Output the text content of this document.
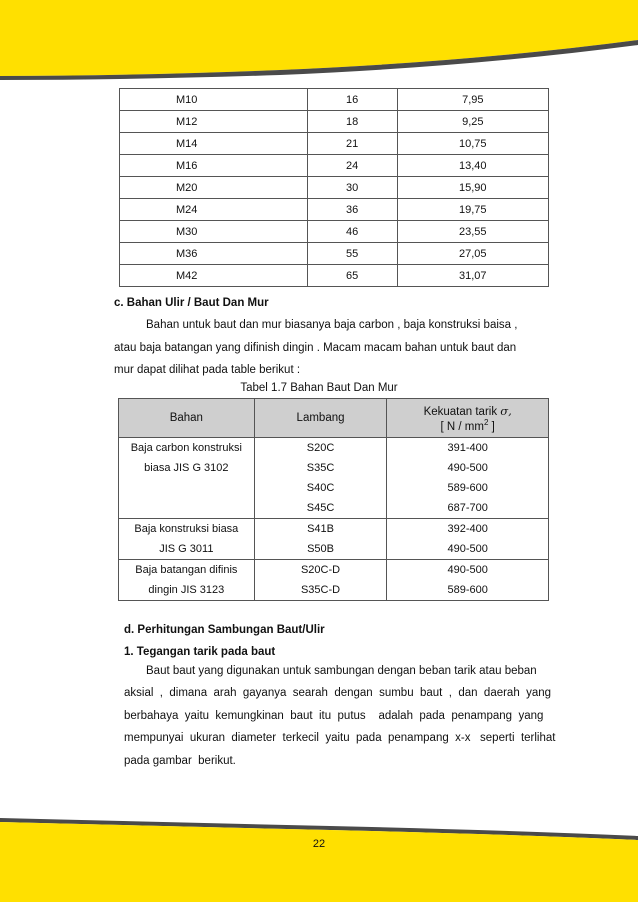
M10	16	7,95
M12	18	9,25
M14	21	10,75
M16	24	13,40
M20	30	15,90
M24	36	19,75
M30	46	23,55
M36	55	27,05
M42	65	31,07
c. Bahan Ulir / Baut Dan Mur
Bahan untuk baut dan mur biasanya baja carbon , baja konstruksi baisa ,
atau baja batangan yang difinish dingin . Macam macam bahan untuk baut dan
mur dapat dilihat pada table berikut :
Tabel 1.7 Bahan Baut Dan Mur
Bahan	Lambang	Kekuatan tarik σ,
[ N / $mm^2$ ]

Baja carbon konstruksi	S20C	391-400
biasa JIS G 3102	S35C	490-500
	S40C	589-600
	S45C	687-700
Baja konstruksi biasa	S41B	392-400
JIS G 3011	S50B	490-500
Baja batangan difinis	S20C-D	490-500
dingin JIS 3123	S35C-D	589-600
d. Perhitungan Sambungan Baut/Ulir
1. Tegangan tarik pada baut
Baut baut yang digunakan untuk sambungan dengan beban tarik atau beban
aksial  ,  dimana  arah  gayanya  searah  dengan  sumbu  baut  ,  dan  daerah  yang
berbahaya  yaitu  kemungkinan  baut  itu  putus    adalah  pada  penampang  yang
mempunyai  ukuran  diameter  terkecil  yaitu  pada  penampang  x-x   seperti  terlihat
pada gambar  berikut.
22
